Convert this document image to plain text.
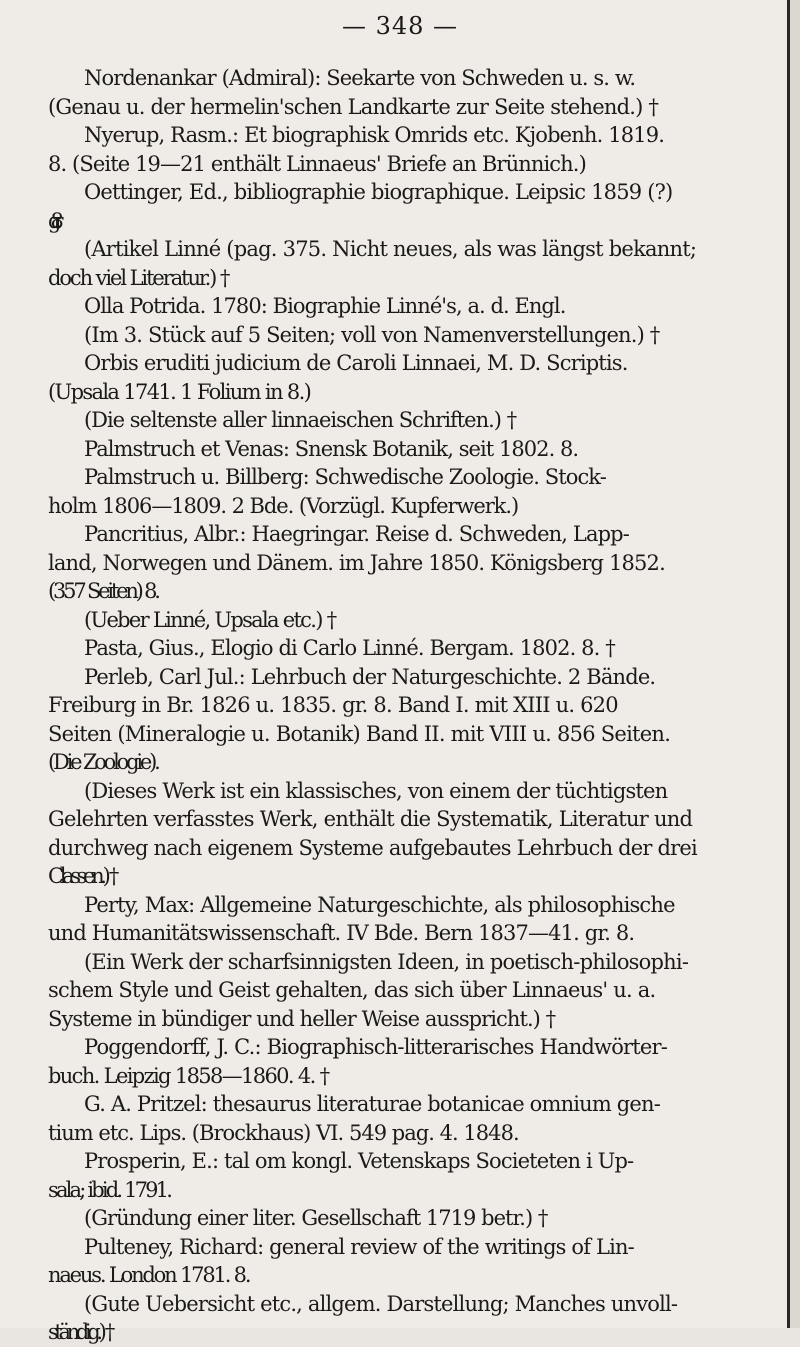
— 348 —
Nordenankar (Admiral): Seekarte von Schweden u. s. w.
(Genau u. der hermelin'schen Landkarte zur Seite stehend.) †
Nyerup, Rasm.: Et biographisk Omrids etc. Kjobenh. 1819.
8. (Seite 19—21 enthält Linnaeus' Briefe an Brünnich.)
Oettinger, Ed., bibliographie biographique. Leipsic 1859 (?)
gr. 8.
(Artikel Linné (pag. 375. Nicht neues, als was längst bekannt;
doch viel Literatur.) †
Olla Potrida. 1780: Biographie Linné's, a. d. Engl.
(Im 3. Stück auf 5 Seiten; voll von Namenverstellungen.) †
Orbis eruditi judicium de Caroli Linnaei, M. D. Scriptis.
(Upsala 1741. 1 Folium in 8.)
(Die seltenste aller linnaeischen Schriften.) †
Palmstruch et Venas: Snensk Botanik, seit 1802. 8.
Palmstruch u. Billberg: Schwedische Zoologie. Stock-
holm 1806—1809. 2 Bde. (Vorzügl. Kupferwerk.)
Pancritius, Albr.: Haegringar. Reise d. Schweden, Lapp-
land, Norwegen und Dänem. im Jahre 1850. Königsberg 1852.
(357 Seiten) 8.
(Ueber Linné, Upsala etc.) †
Pasta, Gius., Elogio di Carlo Linné. Bergam. 1802. 8. †
Perleb, Carl Jul.: Lehrbuch der Naturgeschichte. 2 Bände.
Freiburg in Br. 1826 u. 1835. gr. 8. Band I. mit XIII u. 620
Seiten (Mineralogie u. Botanik) Band II. mit VIII u. 856 Seiten.
(Die Zoologie).
(Dieses Werk ist ein klassisches, von einem der tüchtigsten
Gelehrten verfasstes Werk, enthält die Systematik, Literatur und
durchweg nach eigenem Systeme aufgebautes Lehrbuch der drei
Classen.) †
Perty, Max: Allgemeine Naturgeschichte, als philosophische
und Humanitätswissenschaft. IV Bde. Bern 1837—41. gr. 8.
(Ein Werk der scharfsinnigsten Ideen, in poetisch-philosophi-
schem Style und Geist gehalten, das sich über Linnaeus' u. a.
Systeme in bündiger und heller Weise ausspricht.) †
Poggendorff, J. C.: Biographisch-litterarisches Handwörter-
buch. Leipzig 1858—1860. 4. †
G. A. Pritzel: thesaurus literaturae botanicae omnium gen-
tium etc. Lips. (Brockhaus) VI. 549 pag. 4. 1848.
Prosperin, E.: tal om kongl. Vetenskaps Societeten i Up-
sala; ibid. 1791.
(Gründung einer liter. Gesellschaft 1719 betr.) †
Pulteney, Richard: general review of the writings of Lin-
naeus. London 1781. 8.
(Gute Uebersicht etc., allgem. Darstellung; Manches unvoll-
ständig.) †
